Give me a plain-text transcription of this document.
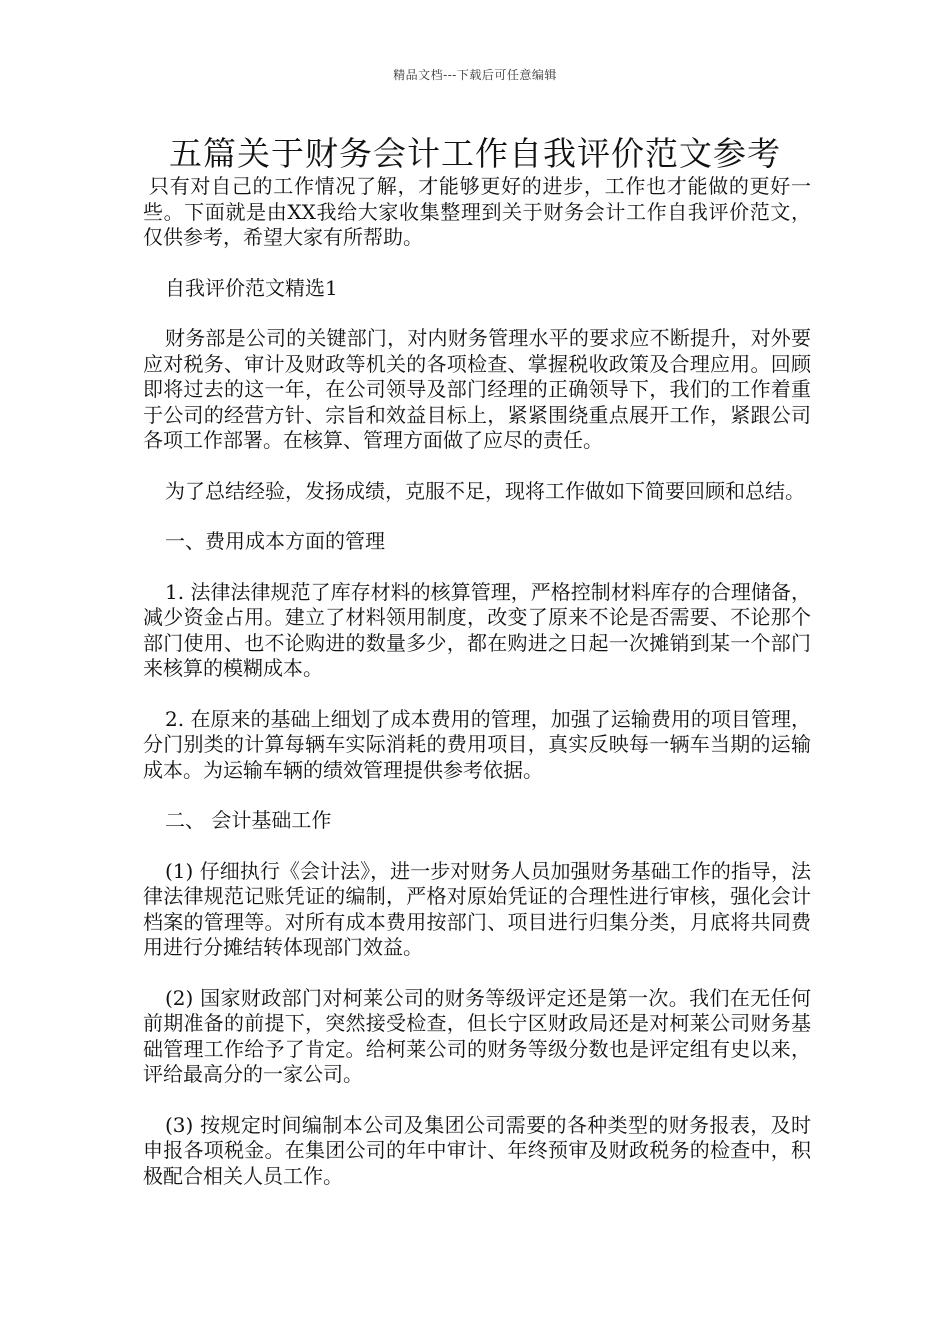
精品文档---下载后可任意编辑
五篇关于财务会计工作自我评价范文参考

只有对自己的工作情况了解，才能够更好的进步，工作也才能做的更好一些。下面就是由XX我给大家收集整理到关于财务会计工作自我评价范文，仅供参考，希望大家有所帮助。

自我评价范文精选1

财务部是公司的关键部门，对内财务管理水平的要求应不断提升，对外要应对税务、审计及财政等机关的各项检查、掌握税收政策及合理应用。回顾即将过去的这一年，在公司领导及部门经理的正确领导下，我们的工作着重于公司的经营方针、宗旨和效益目标上，紧紧围绕重点展开工作，紧跟公司各项工作部署。在核算、管理方面做了应尽的责任。

为了总结经验，发扬成绩，克服不足，现将工作做如下简要回顾和总结。

一、费用成本方面的管理

1. 法律法律规范了库存材料的核算管理，严格控制材料库存的合理储备，减少资金占用。建立了材料领用制度，改变了原来不论是否需要、不论那个部门使用、也不论购进的数量多少，都在购进之日起一次摊销到某一个部门来核算的模糊成本。

2. 在原来的基础上细划了成本费用的管理，加强了运输费用的项目管理，分门别类的计算每辆车实际消耗的费用项目，真实反映每一辆车当期的运输成本。为运输车辆的绩效管理提供参考依据。

二、 会计基础工作

(1) 仔细执行《会计法》，进一步对财务人员加强财务基础工作的指导，法律法律规范记账凭证的编制，严格对原始凭证的合理性进行审核，强化会计档案的管理等。对所有成本费用按部门、项目进行归集分类，月底将共同费用进行分摊结转体现部门效益。

(2) 国家财政部门对柯莱公司的财务等级评定还是第一次。我们在无任何前期准备的前提下，突然接受检查，但长宁区财政局还是对柯莱公司财务基础管理工作给予了肯定。给柯莱公司的财务等级分数也是评定组有史以来，评给最高分的一家公司。

(3) 按规定时间编制本公司及集团公司需要的各种类型的财务报表，及时申报各项税金。在集团公司的年中审计、年终预审及财政税务的检查中，积极配合相关人员工作。
